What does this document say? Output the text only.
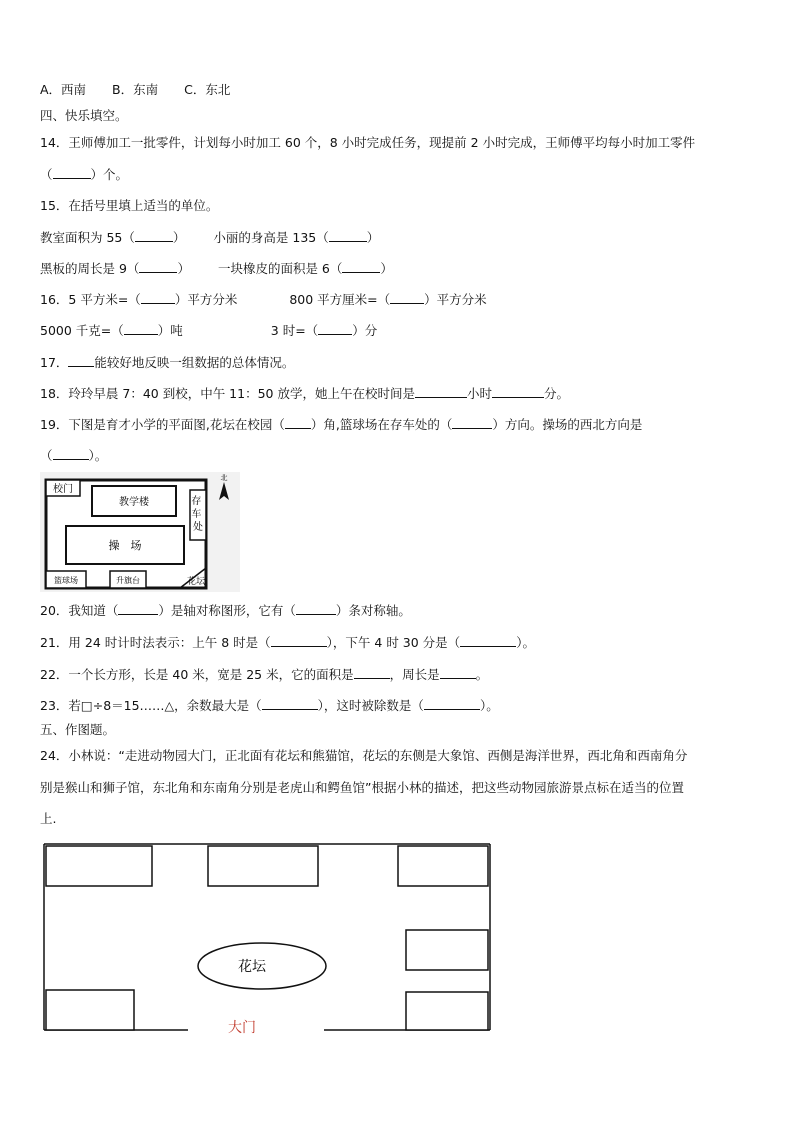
A．西南 B．东南 C．东北
四、快乐填空。
14．王师傅加工一批零件，计划每小时加工 60 个，8 小时完成任务，现提前 2 小时完成，王师傅平均每小时加工零件
（	）个。
15．在括号里填上适当的单位。
教室面积为 55（	） 小丽的身高是 135（	）
黑板的周长是 9（	） 一块橡皮的面积是 6（	）
16．5 平方米=（	）平方分米	800 平方厘米=（	）平方分米
5000 千克=（	）吨	3 时=（	）分
17． 能较好地反映一组数据的总体情况。
18．玲玲早晨 7：40 到校，中午 11：50 放学，她上午在校时间是	小时	分。
19．下图是育才小学的平面图,花坛在校园（ ）角,篮球场在存车处的（	）方向。操场的西北方向是
（	）。
校门
教学楼
操　场
存 车 处
篮球场	升旗台	花坛
北
20．我知道（	）是轴对称图形，它有（	）条对称轴。
21．用 24 时计时法表示：上午 8 时是（	），下午 4 时 30 分是（	）。
22．一个长方形，长是 40 米，宽是 25 米，它的面积是	，周长是	。
23．若□÷8＝15……△，余数最大是（	），这时被除数是（	）。
五、作图题。
24．小林说：“走进动物园大门，正北面有花坛和熊猫馆，花坛的东侧是大象馆、西侧是海洋世界，西北角和西南角分
别是猴山和狮子馆，东北角和东南角分别是老虎山和鳄鱼馆”根据小林的描述，把这些动物园旅游景点标在适当的位置
上.
花坛
大门
